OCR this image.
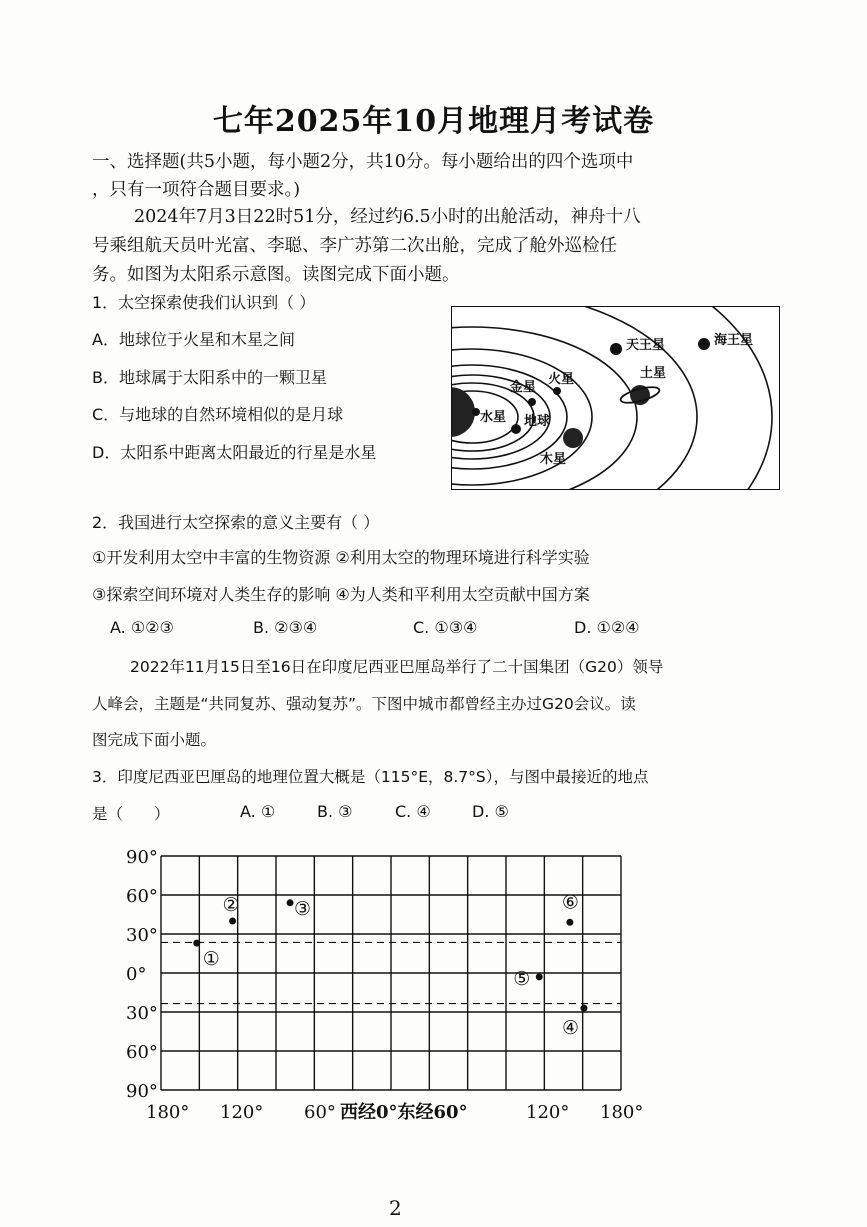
七年2025年10月地理月考试卷
一、选择题(共5小题，每小题2分，共10分。每小题给出的四个选项中
，只有一项符合题目要求。)
2024年7月3日22时51分，经过约6.5小时的出舱活动，神舟十八
号乘组航天员叶光富、李聪、李广苏第二次出舱，完成了舱外巡检任
务。如图为太阳系示意图。读图完成下面小题。
1．太空探索使我们认识到（ ）
A．地球位于火星和木星之间
B．地球属于太阳系中的一颗卫星
C．与地球的自然环境相似的是月球
D．太阳系中距离太阳最近的行星是水星
水星
金星
地球
火星
木星
土星
天王星	海王星
2．我国进行太空探索的意义主要有（ ）
①开发利用太空中丰富的生物资源 ②利用太空的物理环境进行科学实验
③探索空间环境对人类生存的影响 ④为人类和平利用太空贡献中国方案
A. ①②③	B. ②③④	C. ①③④	D. ①②④
2022年11月15日至16日在印度尼西亚巴厘岛举行了二十国集团（G20）领导
人峰会，主题是“共同复苏、强动复苏”。下图中城市都曾经主办过G20会议。读
图完成下面小题。
3．印度尼西亚巴厘岛的地理位置大概是（115°E，8.7°S），与图中最接近的地点
是（　　）	A. ①	B. ③	C. ④	D. ⑤
90°
60°
30°
0°
30°
60°
90°
①
②	③
④
⑤
⑥
180° 120° 60° 西经0°东经60°	120° 180°
2
